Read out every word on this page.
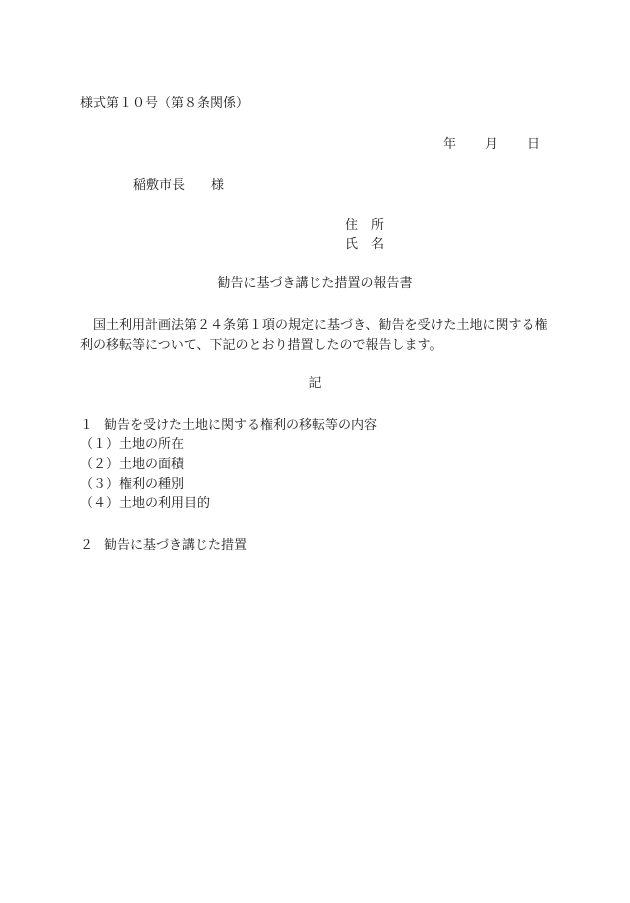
様式第１０号（第８条関係）

年 月 日
稲敷市長 様

住　所

氏　名

勧告に基づき講じた措置の報告書

国土利用計画法第２４条第１項の規定に基づき、勧告を受けた土地に関する権利の移転等について、下記のとおり措置したので報告します。

記

１ 勧告を受けた土地に関する権利の移転等の内容
（１）土地の所在
（２）土地の面積
（３）権利の種別
（４）土地の利用目的
２ 勧告に基づき講じた措置
